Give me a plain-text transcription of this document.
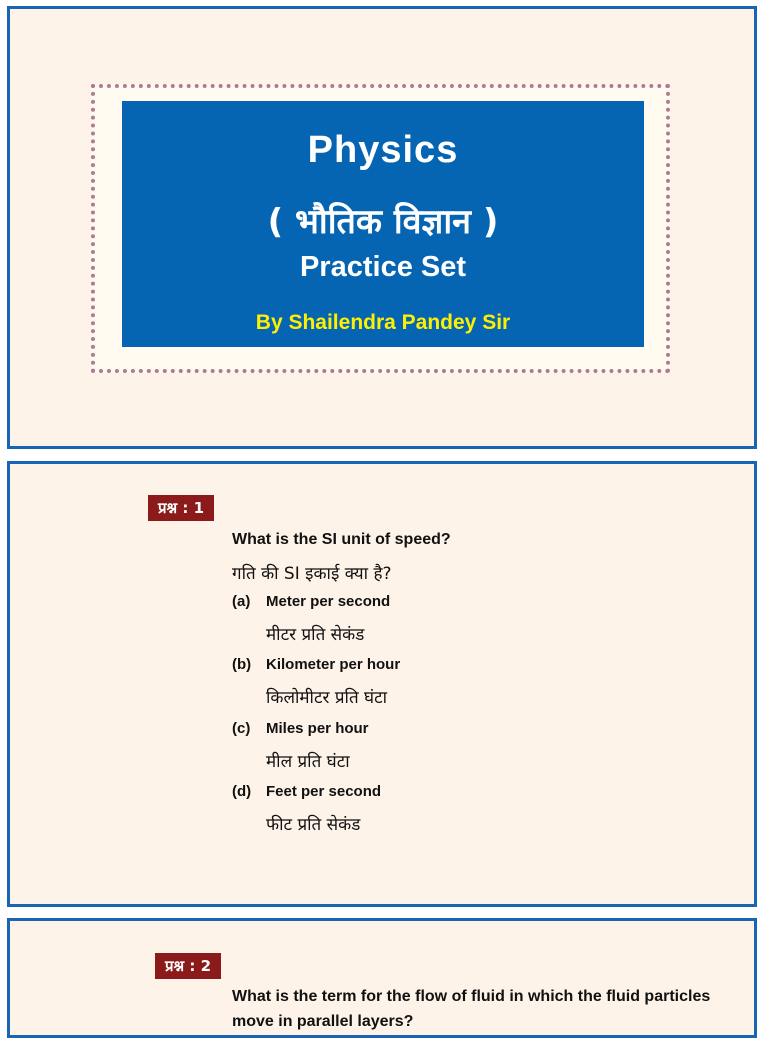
Physics
( भौतिक विज्ञान )
Practice Set
By Shailendra Pandey Sir
प्रश्न : 1
What is the SI unit of speed?
गति की SI इकाई क्या है?
(a) Meter per second
मीटर प्रति सेकंड
(b) Kilometer per hour
किलोमीटर प्रति घंटा
(c) Miles per hour
मील प्रति घंटा
(d) Feet per second
फीट प्रति सेकंड
प्रश्न : 2
What is the term for the flow of fluid in which the fluid particles
move in parallel layers?
